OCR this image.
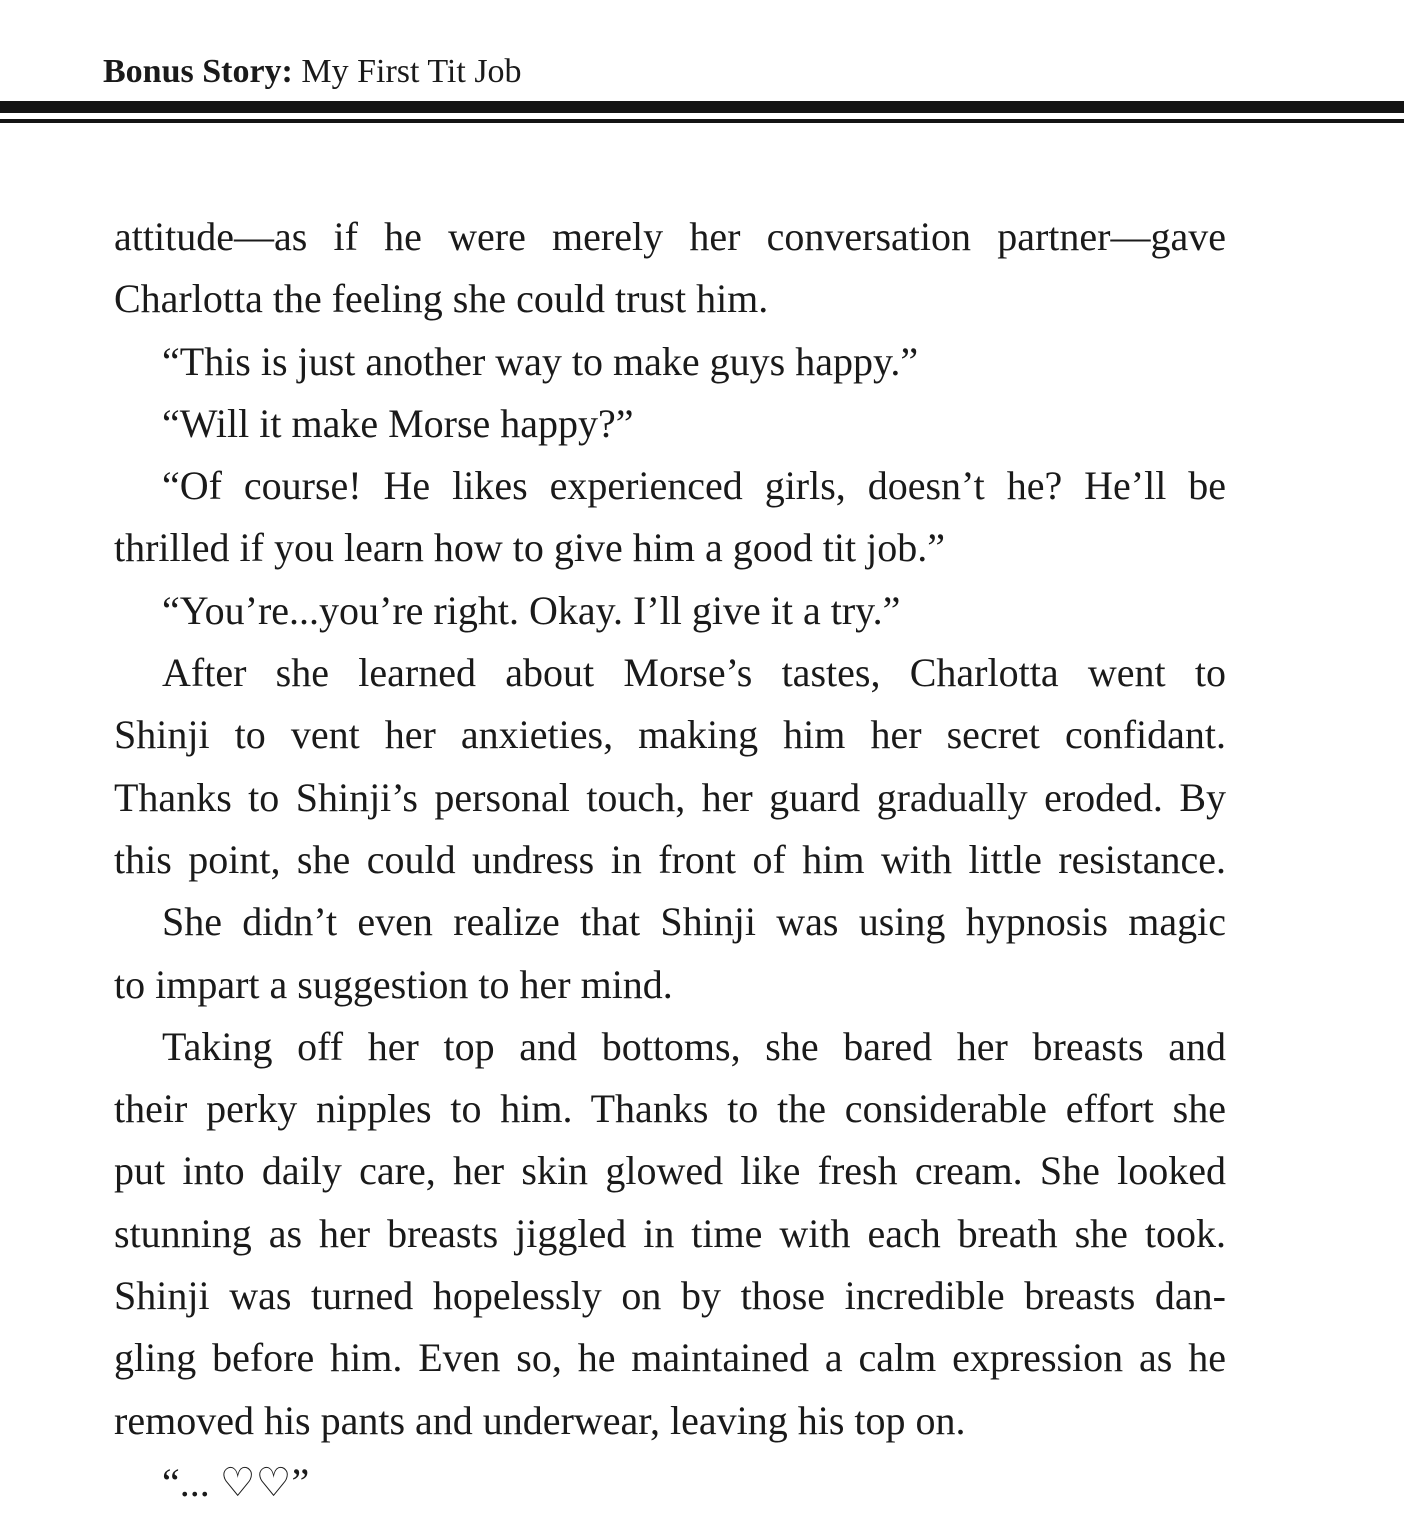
Bonus Story: My First Tit Job
attitude—as if he were merely her conversation partner—gave
Charlotta the feeling she could trust him.
“This is just another way to make guys happy.”
“Will it make Morse happy?”
“Of course! He likes experienced girls, doesn’t he? He’ll be
thrilled if you learn how to give him a good tit job.”
“You’re...you’re right. Okay. I’ll give it a try.”
After she learned about Morse’s tastes, Charlotta went to
Shinji to vent her anxieties, making him her secret confidant.
Thanks to Shinji’s personal touch, her guard gradually eroded. By
this point, she could undress in front of him with little resistance.
She didn’t even realize that Shinji was using hypnosis magic
to impart a suggestion to her mind.
Taking off her top and bottoms, she bared her breasts and
their perky nipples to him. Thanks to the considerable effort she
put into daily care, her skin glowed like fresh cream. She looked
stunning as her breasts jiggled in time with each breath she took.
Shinji was turned hopelessly on by those incredible breasts dan-
gling before him. Even so, he maintained a calm expression as he
removed his pants and underwear, leaving his top on.
“... ♡♡”
